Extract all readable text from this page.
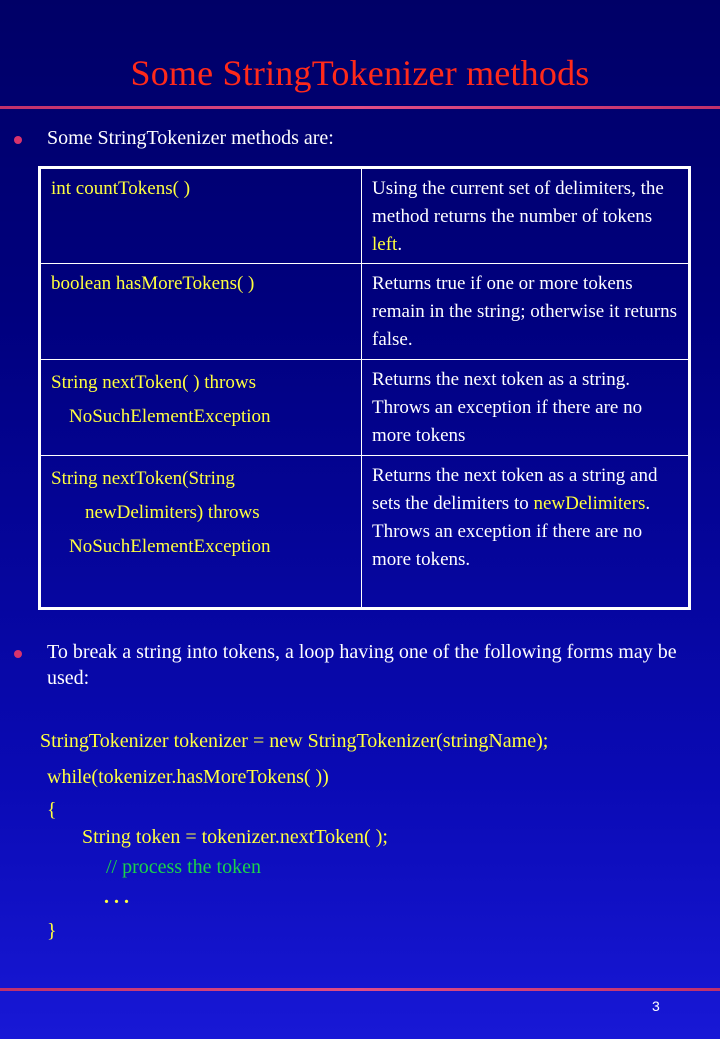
Some StringTokenizer methods
Some StringTokenizer methods are:
int countTokens( )	Using the current set of delimiters, the method returns the number of tokens left.
boolean hasMoreTokens( )	Returns true if one or more tokens remain in the string; otherwise it returns false.

String nextToken( ) throws
NoSuchElementException	Returns the next token as a string. Throws an exception if there are no more tokens

String nextToken(String
newDelimiters) throws
NoSuchElementException	Returns the next token as a string and sets the delimiters to newDelimiters. Throws an exception if there are no more tokens.
To break a string into tokens, a loop having one of the following forms may be used:
StringTokenizer tokenizer = new StringTokenizer(stringName);
while(tokenizer.hasMoreTokens( ))
{
String token = tokenizer.nextToken( );
// process the token
. . .
}
3
